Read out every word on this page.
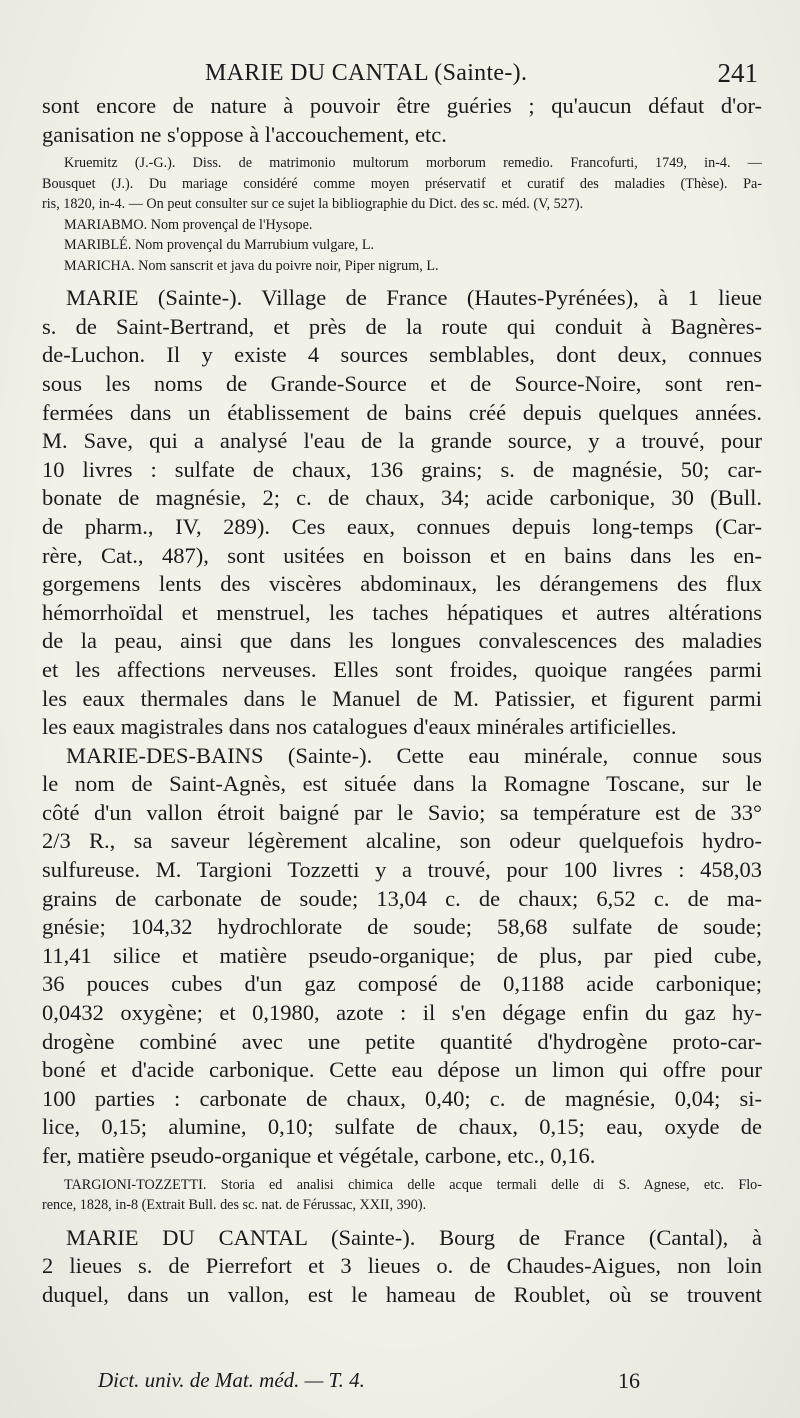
MARIE DU CANTAL (Sainte-).	241
sont encore de nature à pouvoir être guéries ; qu'aucun défaut d'or-
ganisation ne s'oppose à l'accouchement, etc.
Kruemitz (J.-G.). Diss. de matrimonio multorum morborum remedio. Francofurti, 1749, in-4. —
Bousquet (J.). Du mariage considéré comme moyen préservatif et curatif des maladies (Thèse). Pa-
ris, 1820, in-4. — On peut consulter sur ce sujet la bibliographie du Dict. des sc. méd. (V, 527).
MARIABMO. Nom provençal de l'Hysope.
MARIBLÉ. Nom provençal du Marrubium vulgare, L.
MARICHA. Nom sanscrit et java du poivre noir, Piper nigrum, L.
MARIE (Sainte-). Village de France (Hautes-Pyrénées), à 1 lieue
s. de Saint-Bertrand, et près de la route qui conduit à Bagnères-
de-Luchon. Il y existe 4 sources semblables, dont deux, connues
sous les noms de Grande-Source et de Source-Noire, sont ren-
fermées dans un établissement de bains créé depuis quelques années.
M. Save, qui a analysé l'eau de la grande source, y a trouvé, pour
10 livres : sulfate de chaux, 136 grains; s. de magnésie, 50; car-
bonate de magnésie, 2; c. de chaux, 34; acide carbonique, 30 (Bull.
de pharm., IV, 289). Ces eaux, connues depuis long-temps (Car-
rère, Cat., 487), sont usitées en boisson et en bains dans les en-
gorgemens lents des viscères abdominaux, les dérangemens des flux
hémorrhoïdal et menstruel, les taches hépatiques et autres altérations
de la peau, ainsi que dans les longues convalescences des maladies
et les affections nerveuses. Elles sont froides, quoique rangées parmi
les eaux thermales dans le Manuel de M. Patissier, et figurent parmi
les eaux magistrales dans nos catalogues d'eaux minérales artificielles.
MARIE-DES-BAINS (Sainte-). Cette eau minérale, connue sous
le nom de Saint-Agnès, est située dans la Romagne Toscane, sur le
côté d'un vallon étroit baigné par le Savio; sa température est de 33°
2/3 R., sa saveur légèrement alcaline, son odeur quelquefois hydro-
sulfureuse. M. Targioni Tozzetti y a trouvé, pour 100 livres : 458,03
grains de carbonate de soude; 13,04 c. de chaux; 6,52 c. de ma-
gnésie; 104,32 hydrochlorate de soude; 58,68 sulfate de soude;
11,41 silice et matière pseudo-organique; de plus, par pied cube,
36 pouces cubes d'un gaz composé de 0,1188 acide carbonique;
0,0432 oxygène; et 0,1980, azote : il s'en dégage enfin du gaz hy-
drogène combiné avec une petite quantité d'hydrogène proto-car-
boné et d'acide carbonique. Cette eau dépose un limon qui offre pour
100 parties : carbonate de chaux, 0,40; c. de magnésie, 0,04; si-
lice, 0,15; alumine, 0,10; sulfate de chaux, 0,15; eau, oxyde de
fer, matière pseudo-organique et végétale, carbone, etc., 0,16.
TARGIONI-TOZZETTI. Storia ed analisi chimica delle acque termali delle di S. Agnese, etc. Flo-
rence, 1828, in-8 (Extrait Bull. des sc. nat. de Férussac, XXII, 390).
MARIE DU CANTAL (Sainte-). Bourg de France (Cantal), à
2 lieues s. de Pierrefort et 3 lieues o. de Chaudes-Aigues, non loin
duquel, dans un vallon, est le hameau de Roublet, où se trouvent
Dict. univ. de Mat. méd. — T. 4.	16
